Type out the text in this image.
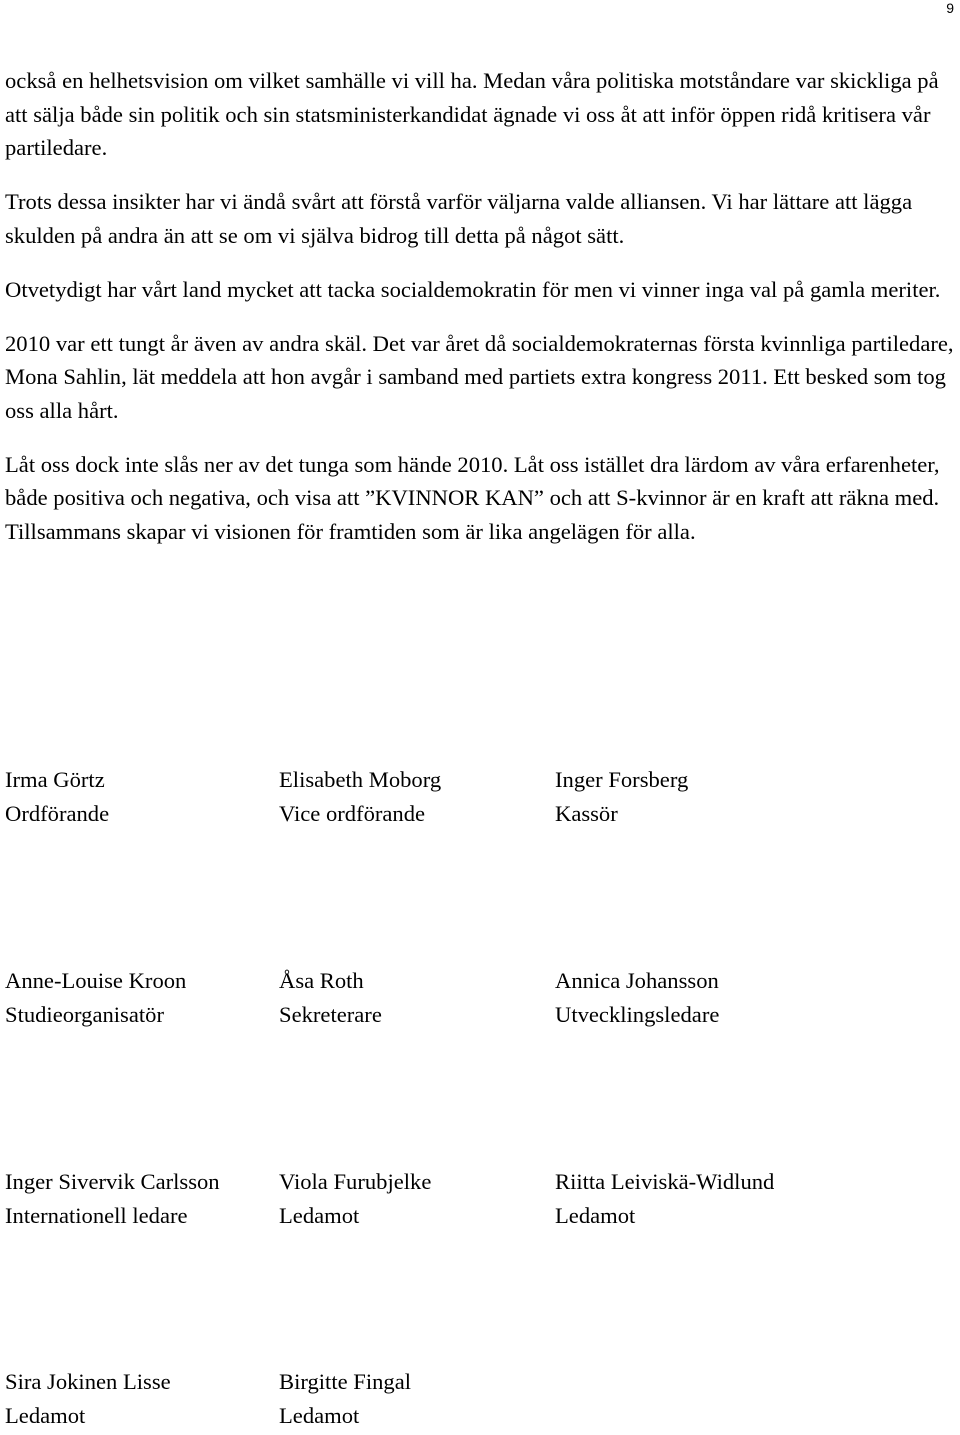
9

också en helhetsvision om vilket samhälle vi vill ha. Medan våra politiska motståndare var skickliga på att sälja både sin politik och sin statsministerkandidat ägnade vi oss åt att inför öppen ridå kritisera vår partiledare.

Trots dessa insikter har vi ändå svårt att förstå varför väljarna valde alliansen. Vi har lättare att lägga skulden på andra än att se om vi själva bidrog till detta på något sätt.

Otvetydigt har vårt land mycket att tacka socialdemokratin för men vi vinner inga val på gamla meriter.

2010 var ett tungt år även av andra skäl. Det var året då socialdemokraternas första kvinnliga partiledare, Mona Sahlin, lät meddela att hon avgår i samband med partiets extra kongress 2011. Ett besked som tog oss alla hårt.

Låt oss dock inte slås ner av det tunga som hände 2010. Låt oss istället dra lärdom av våra erfarenheter, både positiva och negativa, och visa att ”KVINNOR KAN” och att S-kvinnor är en kraft att räkna med. Tillsammans skapar vi visionen för framtiden som är lika angelägen för alla.

Irma Görtz
Ordförande
Elisabeth Moborg
Vice ordförande
Inger Forsberg
Kassör
Anne-Louise Kroon
Studieorganisatör
Åsa Roth
Sekreterare
Annica Johansson
Utvecklingsledare
Inger Sivervik Carlsson
Internationell ledare
Viola Furubjelke
Ledamot
Riitta Leiviskä-Widlund
Ledamot
Sira Jokinen Lisse
Ledamot
Birgitte Fingal
Ledamot
